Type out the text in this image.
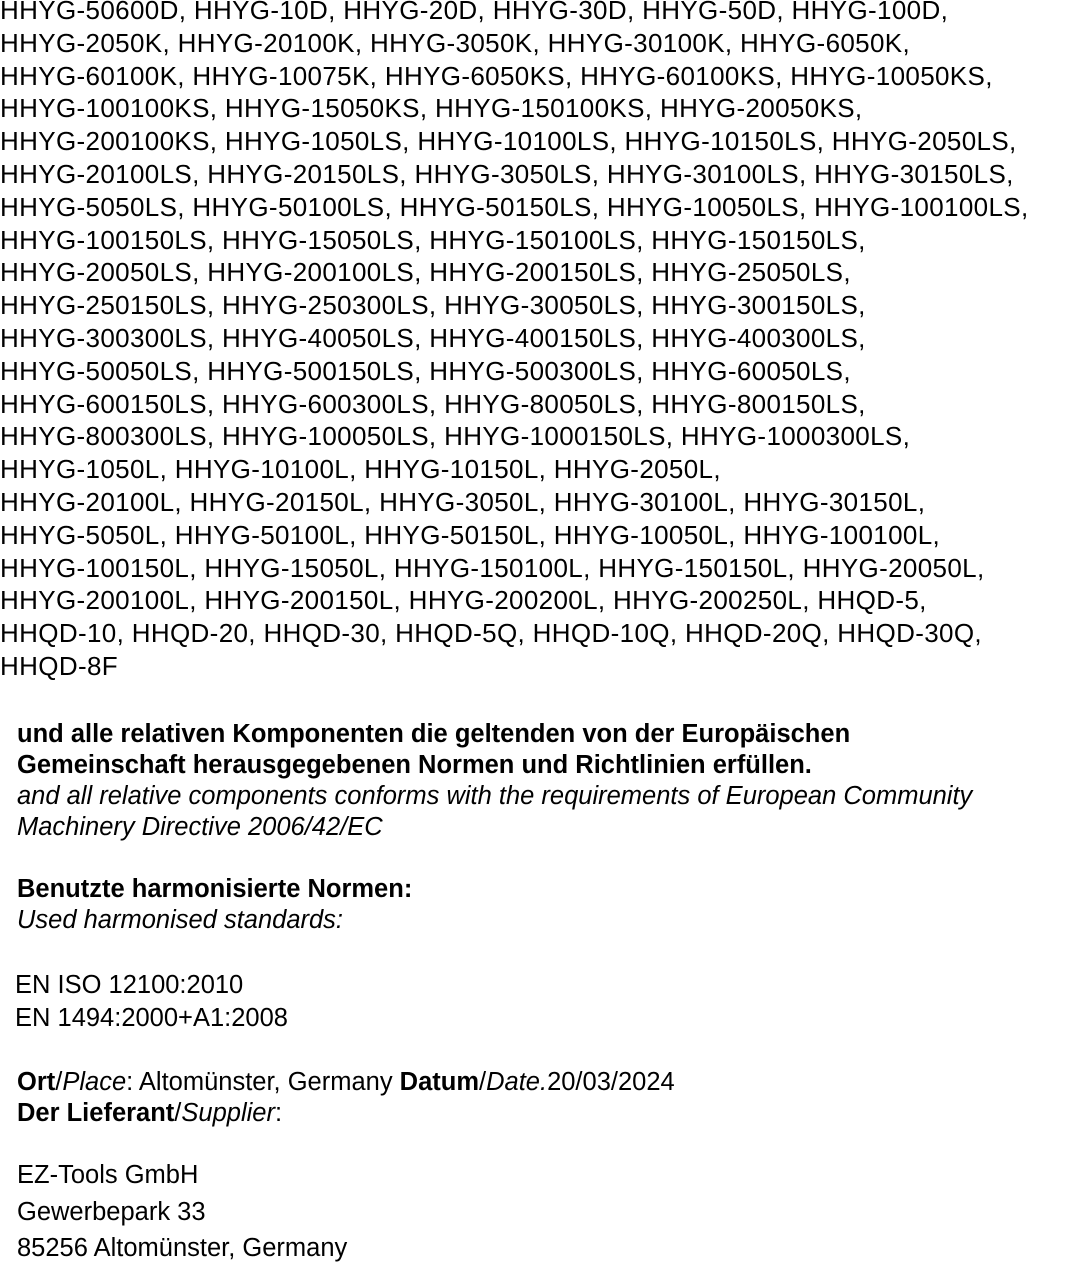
HHYG-50600D, HHYG-10D, HHYG-20D, HHYG-30D, HHYG-50D, HHYG-100D,
HHYG-2050K, HHYG-20100K, HHYG-3050K, HHYG-30100K, HHYG-6050K,
HHYG-60100K, HHYG-10075K, HHYG-6050KS, HHYG-60100KS, HHYG-10050KS,
HHYG-100100KS, HHYG-15050KS, HHYG-150100KS, HHYG-20050KS,
HHYG-200100KS, HHYG-1050LS, HHYG-10100LS, HHYG-10150LS, HHYG-2050LS,
HHYG-20100LS, HHYG-20150LS, HHYG-3050LS, HHYG-30100LS, HHYG-30150LS,
HHYG-5050LS, HHYG-50100LS, HHYG-50150LS, HHYG-10050LS, HHYG-100100LS,
HHYG-100150LS, HHYG-15050LS, HHYG-150100LS, HHYG-150150LS,
HHYG-20050LS, HHYG-200100LS, HHYG-200150LS, HHYG-25050LS,
HHYG-250150LS, HHYG-250300LS, HHYG-30050LS, HHYG-300150LS,
HHYG-300300LS, HHYG-40050LS, HHYG-400150LS, HHYG-400300LS,
HHYG-50050LS, HHYG-500150LS, HHYG-500300LS, HHYG-60050LS,
HHYG-600150LS, HHYG-600300LS, HHYG-80050LS, HHYG-800150LS,
HHYG-800300LS, HHYG-100050LS, HHYG-1000150LS, HHYG-1000300LS,
HHYG-1050L, HHYG-10100L, HHYG-10150L, HHYG-2050L,
HHYG-20100L, HHYG-20150L, HHYG-3050L, HHYG-30100L, HHYG-30150L,
HHYG-5050L, HHYG-50100L, HHYG-50150L, HHYG-10050L, HHYG-100100L,
HHYG-100150L, HHYG-15050L, HHYG-150100L, HHYG-150150L, HHYG-20050L,
HHYG-200100L, HHYG-200150L, HHYG-200200L, HHYG-200250L, HHQD-5,
HHQD-10, HHQD-20, HHQD-30, HHQD-5Q, HHQD-10Q, HHQD-20Q, HHQD-30Q,
HHQD-8F
und alle relativen Komponenten die geltenden von der Europäischen
Gemeinschaft herausgegebenen Normen und Richtlinien erfüllen.
and all relative components conforms with the requirements of European Community
Machinery Directive 2006/42/EC
Benutzte harmonisierte Normen:
Used harmonised standards:
EN ISO 12100:2010
EN 1494:2000+A1:2008
Ort/Place: Altomünster, Germany Datum/Date.20/03/2024
Der Lieferant/Supplier:
EZ-Tools GmbH
Gewerbepark 33
85256 Altomünster, Germany
